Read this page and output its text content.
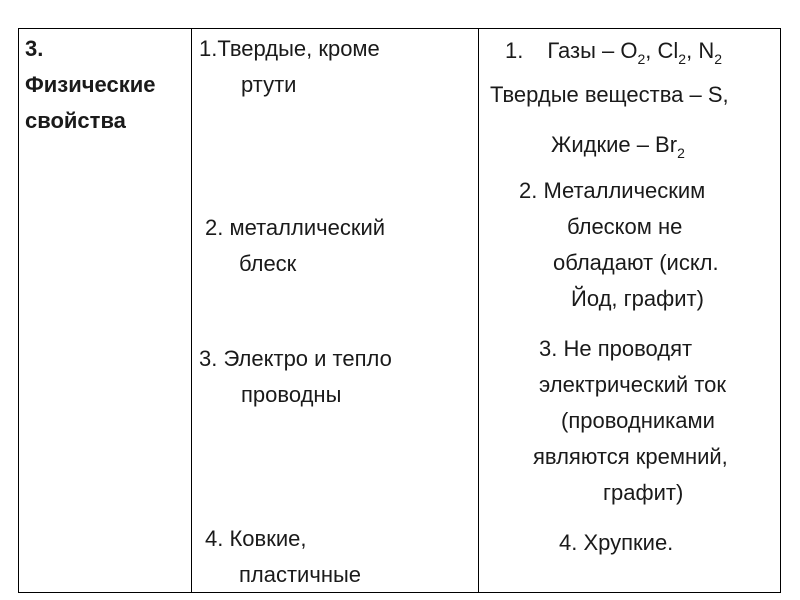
3.
Физические
свойства
1.Твердые, кроме
ртути
2. металлический
блеск
3. Электро и тепло
проводны
4. Ковкие,
пластичные
1. Газы – $O_2$, $Cl_2$, $N_2$
Твердые вещества – S,
Жидкие – $Br_2$
2. Металлическим
блеском не
обладают (искл.
Йод, графит)
3. Не проводят
электрический ток
(проводниками
являются кремний,
графит)
4. Хрупкие.
